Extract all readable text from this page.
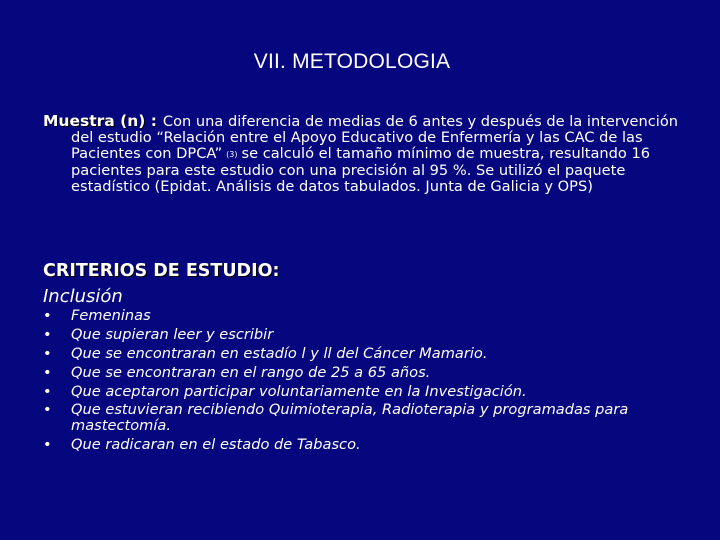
VII. METODOLOGIA
Muestra (n) : Con una diferencia de medias de 6 antes y después de la intervención del estudio “Relación entre el Apoyo Educativo de Enfermería y las CAC de las Pacientes con DPCA” (3) se calculó el tamaño mínimo de muestra, resultando 16 pacientes para este estudio con una precisión al 95 %. Se utilizó el paquete estadístico (Epidat. Análisis de datos tabulados. Junta de Galicia y OPS)
CRITERIOS DE ESTUDIO:
Inclusión
• Femeninas
• Que supieran leer y escribir
• Que se encontraran en estadío l y ll del Cáncer Mamario.
• Que se encontraran en el rango de 25 a 65 años.
• Que aceptaron participar voluntariamente en la Investigación.
• Que estuvieran recibiendo Quimioterapia, Radioterapia y programadas para mastectomía.
• Que radicaran en el estado de Tabasco.
